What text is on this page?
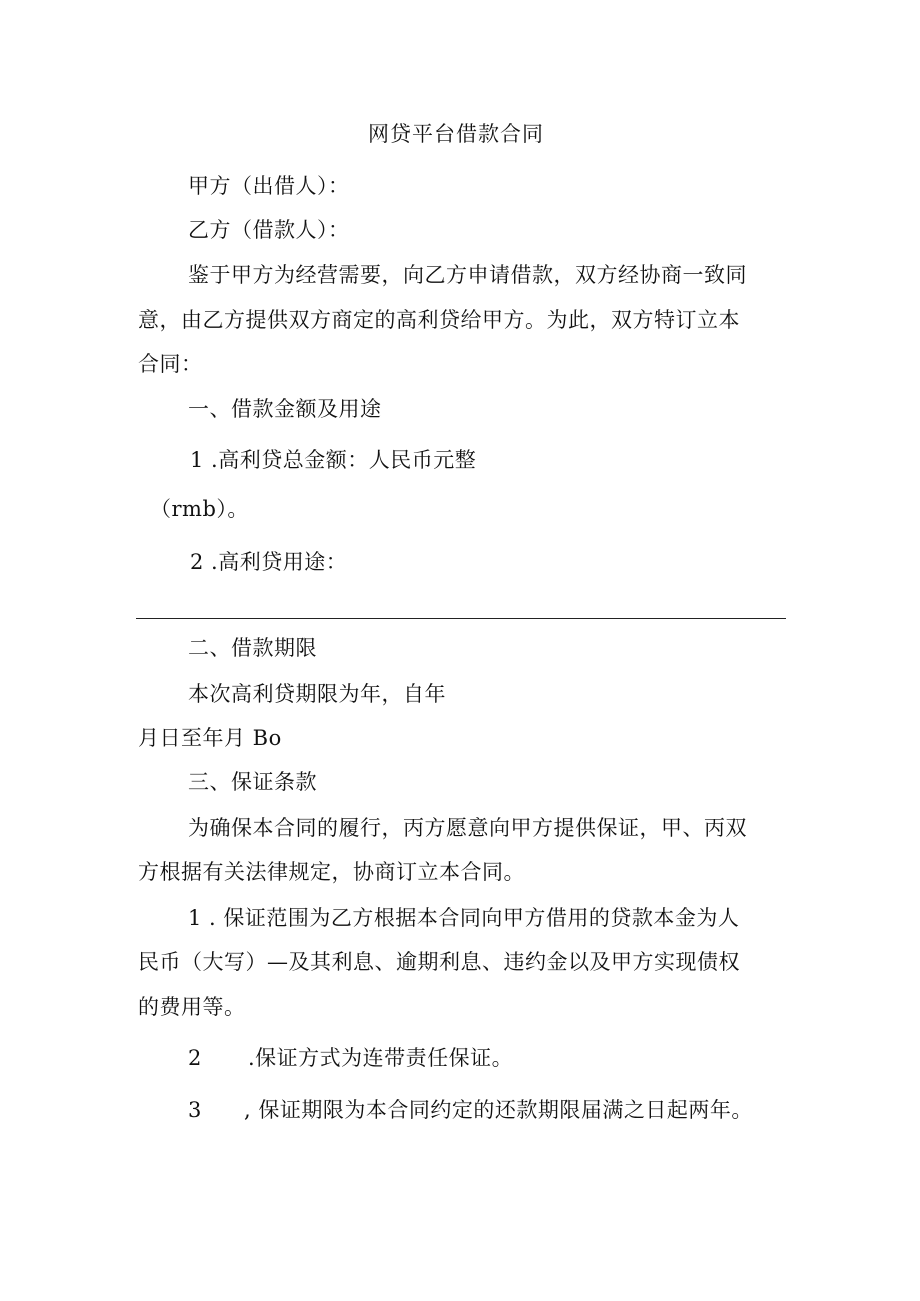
网贷平台借款合同
甲方（出借人）：
乙方（借款人）：
鉴于甲方为经营需要，向乙方申请借款，双方经协商一致同
意，由乙方提供双方商定的高利贷给甲方。为此，双方特订立本
合同：
一、借款金额及用途
1 .高利贷总金额：人民币元整
（rmb）。
2 .高利贷用途：
二、借款期限
本次高利贷期限为年，自年
月日至年月 Bo
三、保证条款
为确保本合同的履行，丙方愿意向甲方提供保证，甲、丙双
方根据有关法律规定，协商订立本合同。
1 . 保证范围为乙方根据本合同向甲方借用的贷款本金为人
民币（大写）—及其利息、逾期利息、违约金以及甲方实现债权
的费用等。
2 .保证方式为连带责任保证。
3 , 保证期限为本合同约定的还款期限届满之日起两年。
